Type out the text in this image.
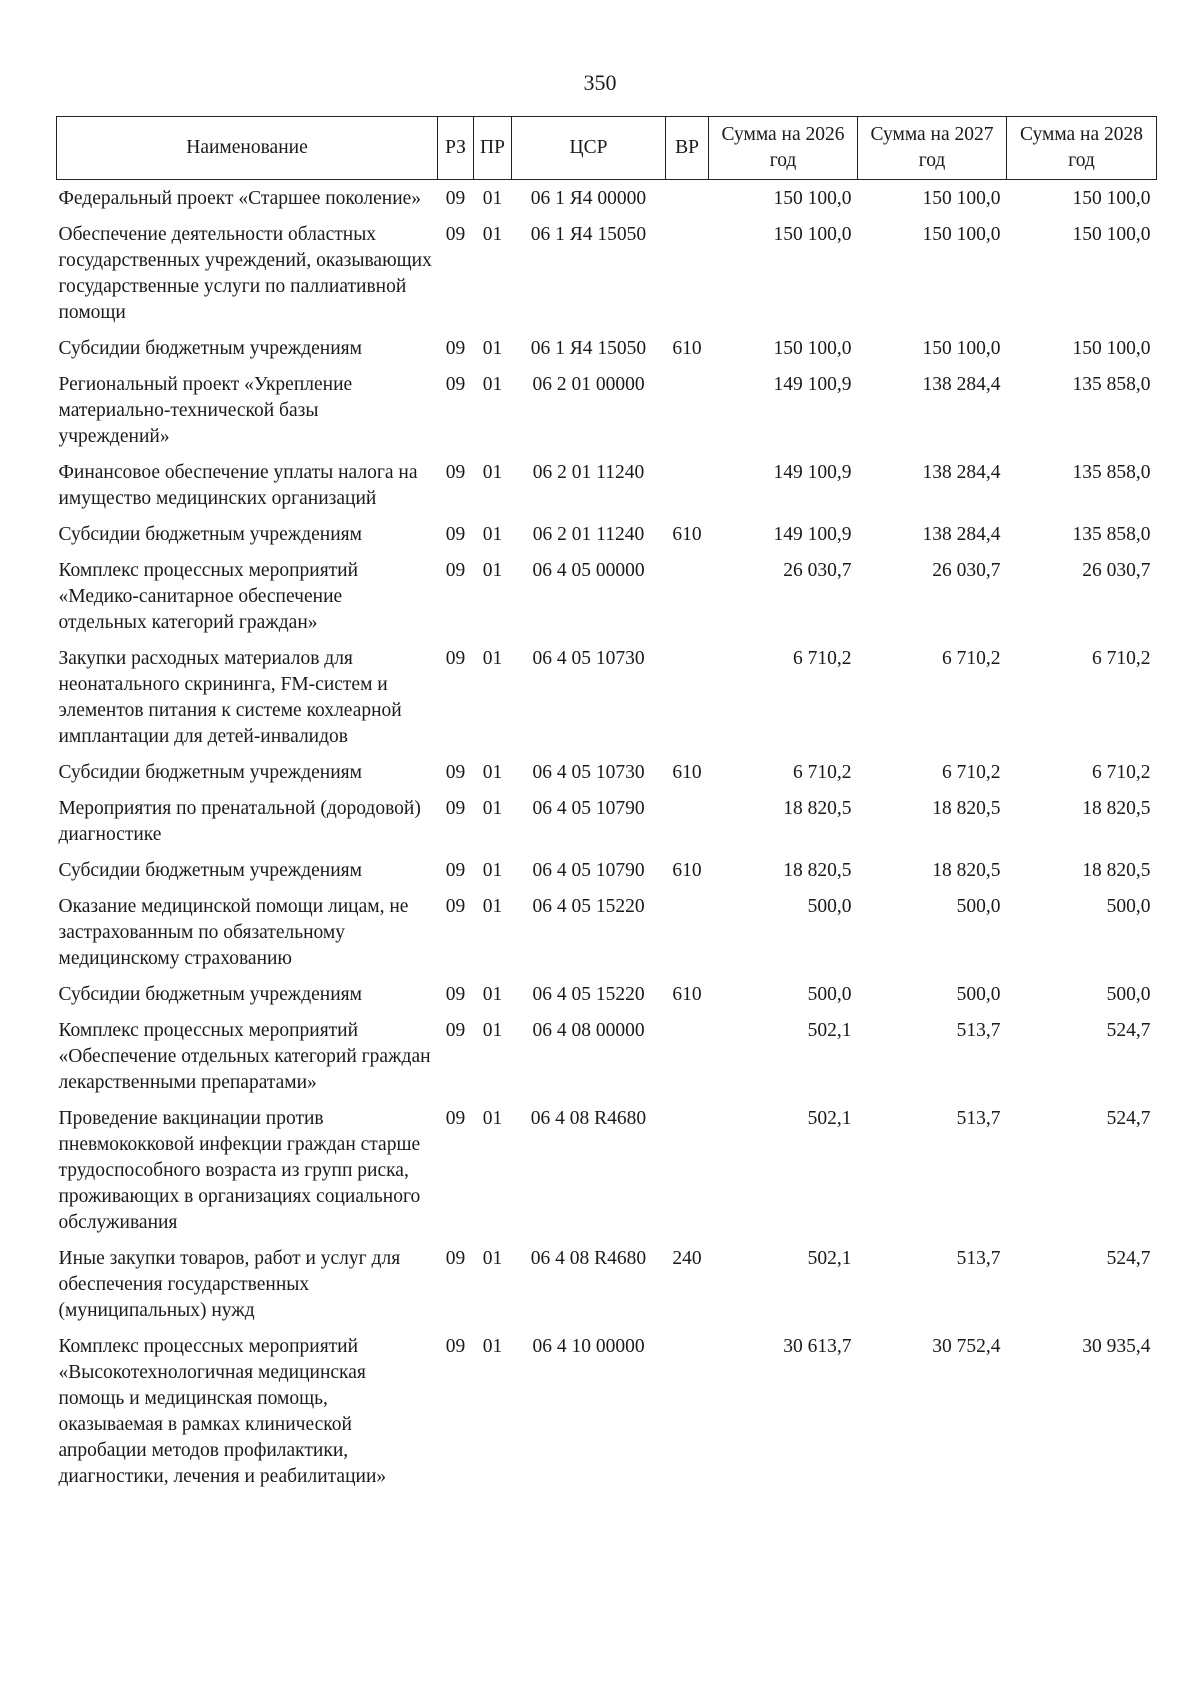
350
Наименование	РЗ	ПР	ЦСР	ВР	Сумма на 2026 год	Сумма на 2027 год	Сумма на 2028 год
Федеральный проект «Старшее поколение»	09	01	06 1 Я4 00000		150 100,0	150 100,0	150 100,0
Обеспечение деятельности областных государственных учреждений, оказывающих государственные услуги по паллиативной помощи	09	01	06 1 Я4 15050		150 100,0	150 100,0	150 100,0
Субсидии бюджетным учреждениям	09	01	06 1 Я4 15050	610	150 100,0	150 100,0	150 100,0
Региональный проект «Укрепление материально-технической базы учреждений»	09	01	06 2 01 00000		149 100,9	138 284,4	135 858,0
Финансовое обеспечение уплаты налога на имущество медицинских организаций	09	01	06 2 01 11240		149 100,9	138 284,4	135 858,0
Субсидии бюджетным учреждениям	09	01	06 2 01 11240	610	149 100,9	138 284,4	135 858,0
Комплекс процессных мероприятий «Медико-санитарное обеспечение отдельных категорий граждан»	09	01	06 4 05 00000		26 030,7	26 030,7	26 030,7
Закупки расходных материалов для неонатального скрининга, FM-систем и элементов питания к системе кохлеарной имплантации для детей-инвалидов	09	01	06 4 05 10730		6 710,2	6 710,2	6 710,2
Субсидии бюджетным учреждениям	09	01	06 4 05 10730	610	6 710,2	6 710,2	6 710,2
Мероприятия по пренатальной (дородовой) диагностике	09	01	06 4 05 10790		18 820,5	18 820,5	18 820,5
Субсидии бюджетным учреждениям	09	01	06 4 05 10790	610	18 820,5	18 820,5	18 820,5
Оказание медицинской помощи лицам, не застрахованным по обязательному медицинскому страхованию	09	01	06 4 05 15220		500,0	500,0	500,0
Субсидии бюджетным учреждениям	09	01	06 4 05 15220	610	500,0	500,0	500,0
Комплекс процессных мероприятий «Обеспечение отдельных категорий граждан лекарственными препаратами»	09	01	06 4 08 00000		502,1	513,7	524,7
Проведение вакцинации против пневмококковой инфекции граждан старше трудоспособного возраста из групп риска, проживающих в организациях социального обслуживания	09	01	06 4 08 R4680		502,1	513,7	524,7
Иные закупки товаров, работ и услуг для обеспечения государственных (муниципальных) нужд	09	01	06 4 08 R4680	240	502,1	513,7	524,7
Комплекс процессных мероприятий «Высокотехнологичная медицинская помощь и медицинская помощь, оказываемая в рамках клинической апробации методов профилактики, диагностики, лечения и реабилитации»	09	01	06 4 10 00000		30 613,7	30 752,4	30 935,4
